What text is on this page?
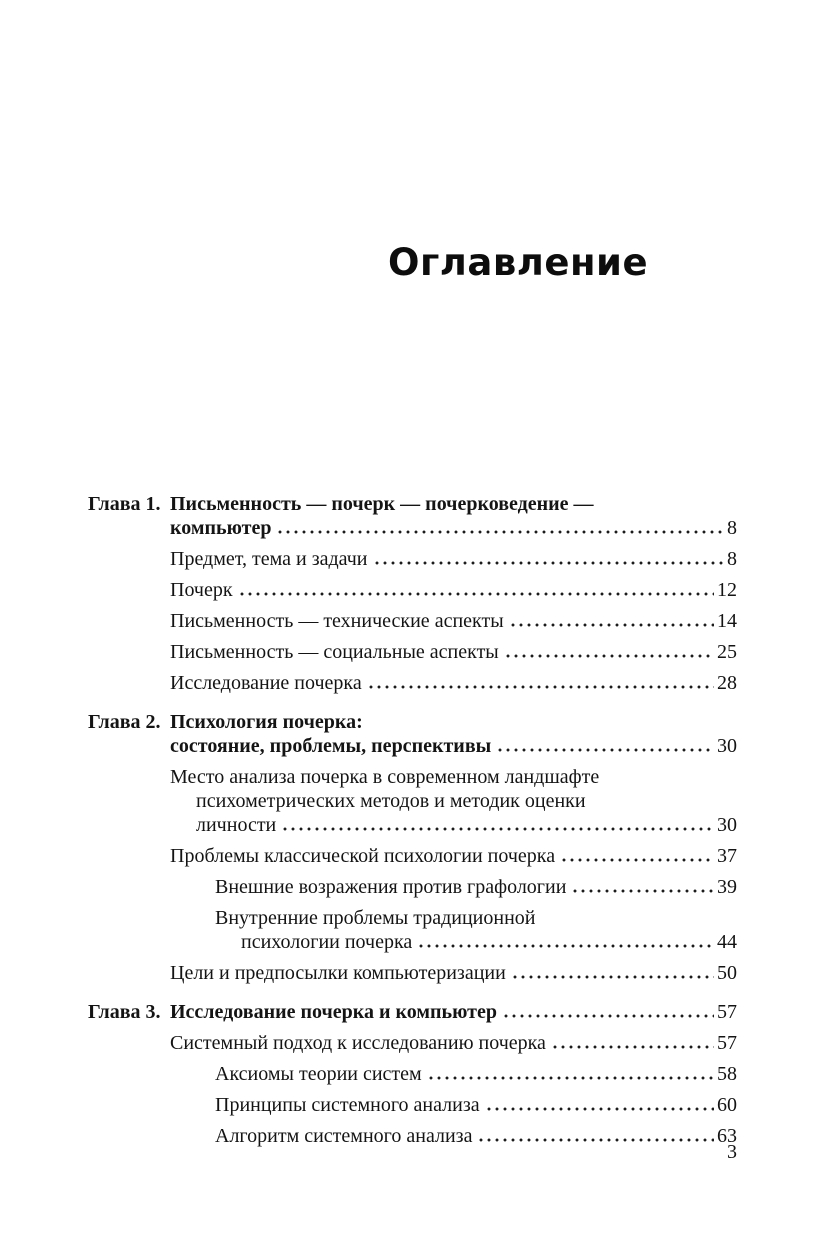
Оглавление
Глава 1. Письменность — почерк — почерковедение —
компьютер	8
Предмет, тема и задачи	8
Почерк	12
Письменность — технические аспекты	14
Письменность — социальные аспекты	25
Исследование почерка	28
Глава 2. Психология почерка:
состояние, проблемы, перспективы	30
Место анализа почерка в современном ландшафте
психометрических методов и методик оценки
личности	30
Проблемы классической психологии почерка	37
Внешние возражения против графологии	39
Внутренние проблемы традиционной
психологии почерка	44
Цели и предпосылки компьютеризации	50
Глава 3. Исследование почерка и компьютер	57
Системный подход к исследованию почерка	57
Аксиомы теории систем	58
Принципы системного анализа	60
Алгоритм системного анализа	63
3
